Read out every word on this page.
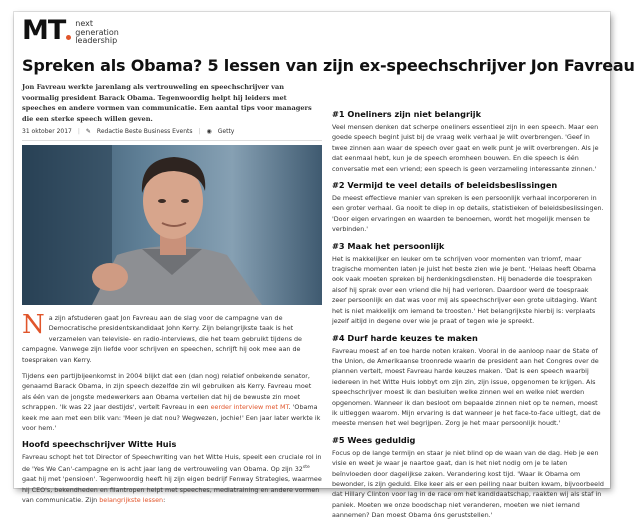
MT next
generation
leadership
Spreken als Obama? 5 lessen van zijn ex-speechschrijver Jon Favreau
Jon Favreau werkte jarenlang als vertrouweling en speechschrijver van voormalig president Barack Obama. Tegenwoordig helpt hij leiders met speeches en andere vormen van communicatie. Een aantal tips voor managers die een sterke speech willen geven.
31 oktober 2017 | ✎ Redactie Beste Business Events | ◉ Getty

Na zijn afstuderen gaat Jon Favreau aan de slag voor de campagne van de Democratische presidentskandidaat John Kerry. Zijn belangrijkste taak is het verzamelen van televisie- en radio-interviews, die het team gebruikt tijdens de campagne. Vanwege zijn liefde voor schrijven en speechen, schrijft hij ook mee aan de toespraken van Kerry.

Tijdens een partijbijeenkomst in 2004 blijkt dat een (dan nog) relatief onbekende senator, genaamd Barack Obama, in zijn speech dezelfde zin wil gebruiken als Kerry. Favreau moet als één van de jongste medewerkers aan Obama vertellen dat hij de bewuste zin moet schrappen. 'Ik was 22 jaar destijds', vertelt Favreau in een eerder interview met MT. 'Obama keek me aan met een blik van: 'Meen je dat nou? Wegwezen, jochie!' Een jaar later werkte ik voor hem.'

Hoofd speechschrijver Witte Huis

Favreau schopt het tot Director of Speechwriting van het Witte Huis, speelt een cruciale rol in de 'Yes We Can'-campagne en is acht jaar lang de vertrouweling van Obama. Op zijn 32ste gaat hij met 'pensioen'. Tegenwoordig heeft hij zijn eigen bedrijf Fenway Strategies, waarmee hij CEO's, bekendheden en filantropen helpt met speeches, mediatraining en andere vormen van communicatie. Zijn belangrijkste lessen:

#1 Oneliners zijn niet belangrijk

Veel mensen denken dat scherpe oneliners essentieel zijn in een speech. Maar een goede speech begint juist bij de vraag welk verhaal je wilt overbrengen. 'Geef in twee zinnen aan waar de speech over gaat en welk punt je wilt overbrengen. Als je dat eenmaal hebt, kun je de speech eromheen bouwen. En die speech is één conversatie met een vriend; een speech is geen verzameling interessante zinnen.'

#2 Vermijd te veel details of beleidsbeslissingen

De meest effectieve manier van spreken is een persoonlijk verhaal incorporeren in een groter verhaal. Ga nooit te diep in op details, statistieken of beleidsbeslissingen. 'Door eigen ervaringen en waarden te benoemen, wordt het mogelijk mensen te verbinden.'

#3 Maak het persoonlijk

Het is makkelijker en leuker om te schrijven voor momenten van triomf, maar tragische momenten laten je juist het beste zien wie je bent. 'Helaas heeft Obama ook vaak moeten spreken bij herdenkingsdiensten. Hij benaderde die toespraken alsof hij sprak over een vriend die hij had verloren. Daardoor werd de toespraak zeer persoonlijk en dat was voor mij als speechschrijver een grote uitdaging. Want het is niet makkelijk om iemand te troosten.' Het belangrijkste hierbij is: verplaats jezelf altijd in degene over wie je praat of tegen wie je spreekt.

#4 Durf harde keuzes te maken

Favreau moest af en toe harde noten kraken. Vooral in de aanloop naar de State of the Union, de Amerikaanse troonrede waarin de president aan het Congres over de plannen vertelt, moest Favreau harde keuzes maken. 'Dat is een speech waarbij iedereen in het Witte Huis lobbyt om zijn zin, zijn issue, opgenomen te krijgen. Als speechschrijver moest ik dan besluiten welke zinnen wel en welke niet werden opgenomen. Wanneer ik dan besloot om bepaalde zinnen niet op te nemen, moest ik uitleggen waarom. Mijn ervaring is dat wanneer je het face-to-face uitlegt, dat de meeste mensen het wel begrijpen. Zorg je het maar persoonlijk houdt.'

#5 Wees geduldig

Focus op de lange termijn en staar je niet blind op de waan van de dag. Heb je een visie en weet je waar je naartoe gaat, dan is het niet nodig om je te laten beïnvloeden door dagelijkse zaken. Verandering kost tijd. 'Waar ik Obama om bewonder, is zijn geduld. Elke keer als er een peiling naar buiten kwam, bijvoorbeeld dat Hillary Clinton voor lag in de race om het kandidaatschap, raakten wij als staf in paniek. Moeten we onze boodschap niet veranderen, moeten we niet iemand aannemen? Dan moest Obama óns geruststellen.'
